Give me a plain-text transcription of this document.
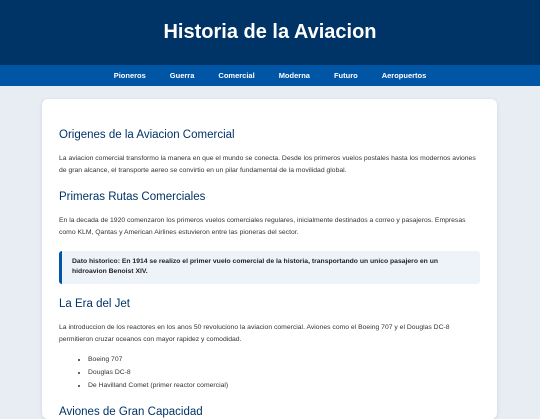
Historia de la Aviacion
Pioneros	Guerra	Comercial	Moderna	Futuro	Aeropuertos
Origenes de la Aviacion Comercial

La aviacion comercial transformo la manera en que el mundo se conecta. Desde los primeros vuelos postales hasta los modernos aviones de gran alcance, el transporte aereo se convirtio en un pilar fundamental de la movilidad global.

Primeras Rutas Comerciales

En la decada de 1920 comenzaron los primeros vuelos comerciales regulares, inicialmente destinados a correo y pasajeros. Empresas como KLM, Qantas y American Airlines estuvieron entre las pioneras del sector.

Dato historico: En 1914 se realizo el primer vuelo comercial de la historia, transportando un unico pasajero en un hidroavion Benoist XIV.
La Era del Jet

La introduccion de los reactores en los anos 50 revoluciono la aviacion comercial. Aviones como el Boeing 707 y el Douglas DC-8 permitieron cruzar oceanos con mayor rapidez y comodidad.

• Boeing 707
• Douglas DC-8
• De Havilland Comet (primer reactor comercial)
Aviones de Gran Capacidad
